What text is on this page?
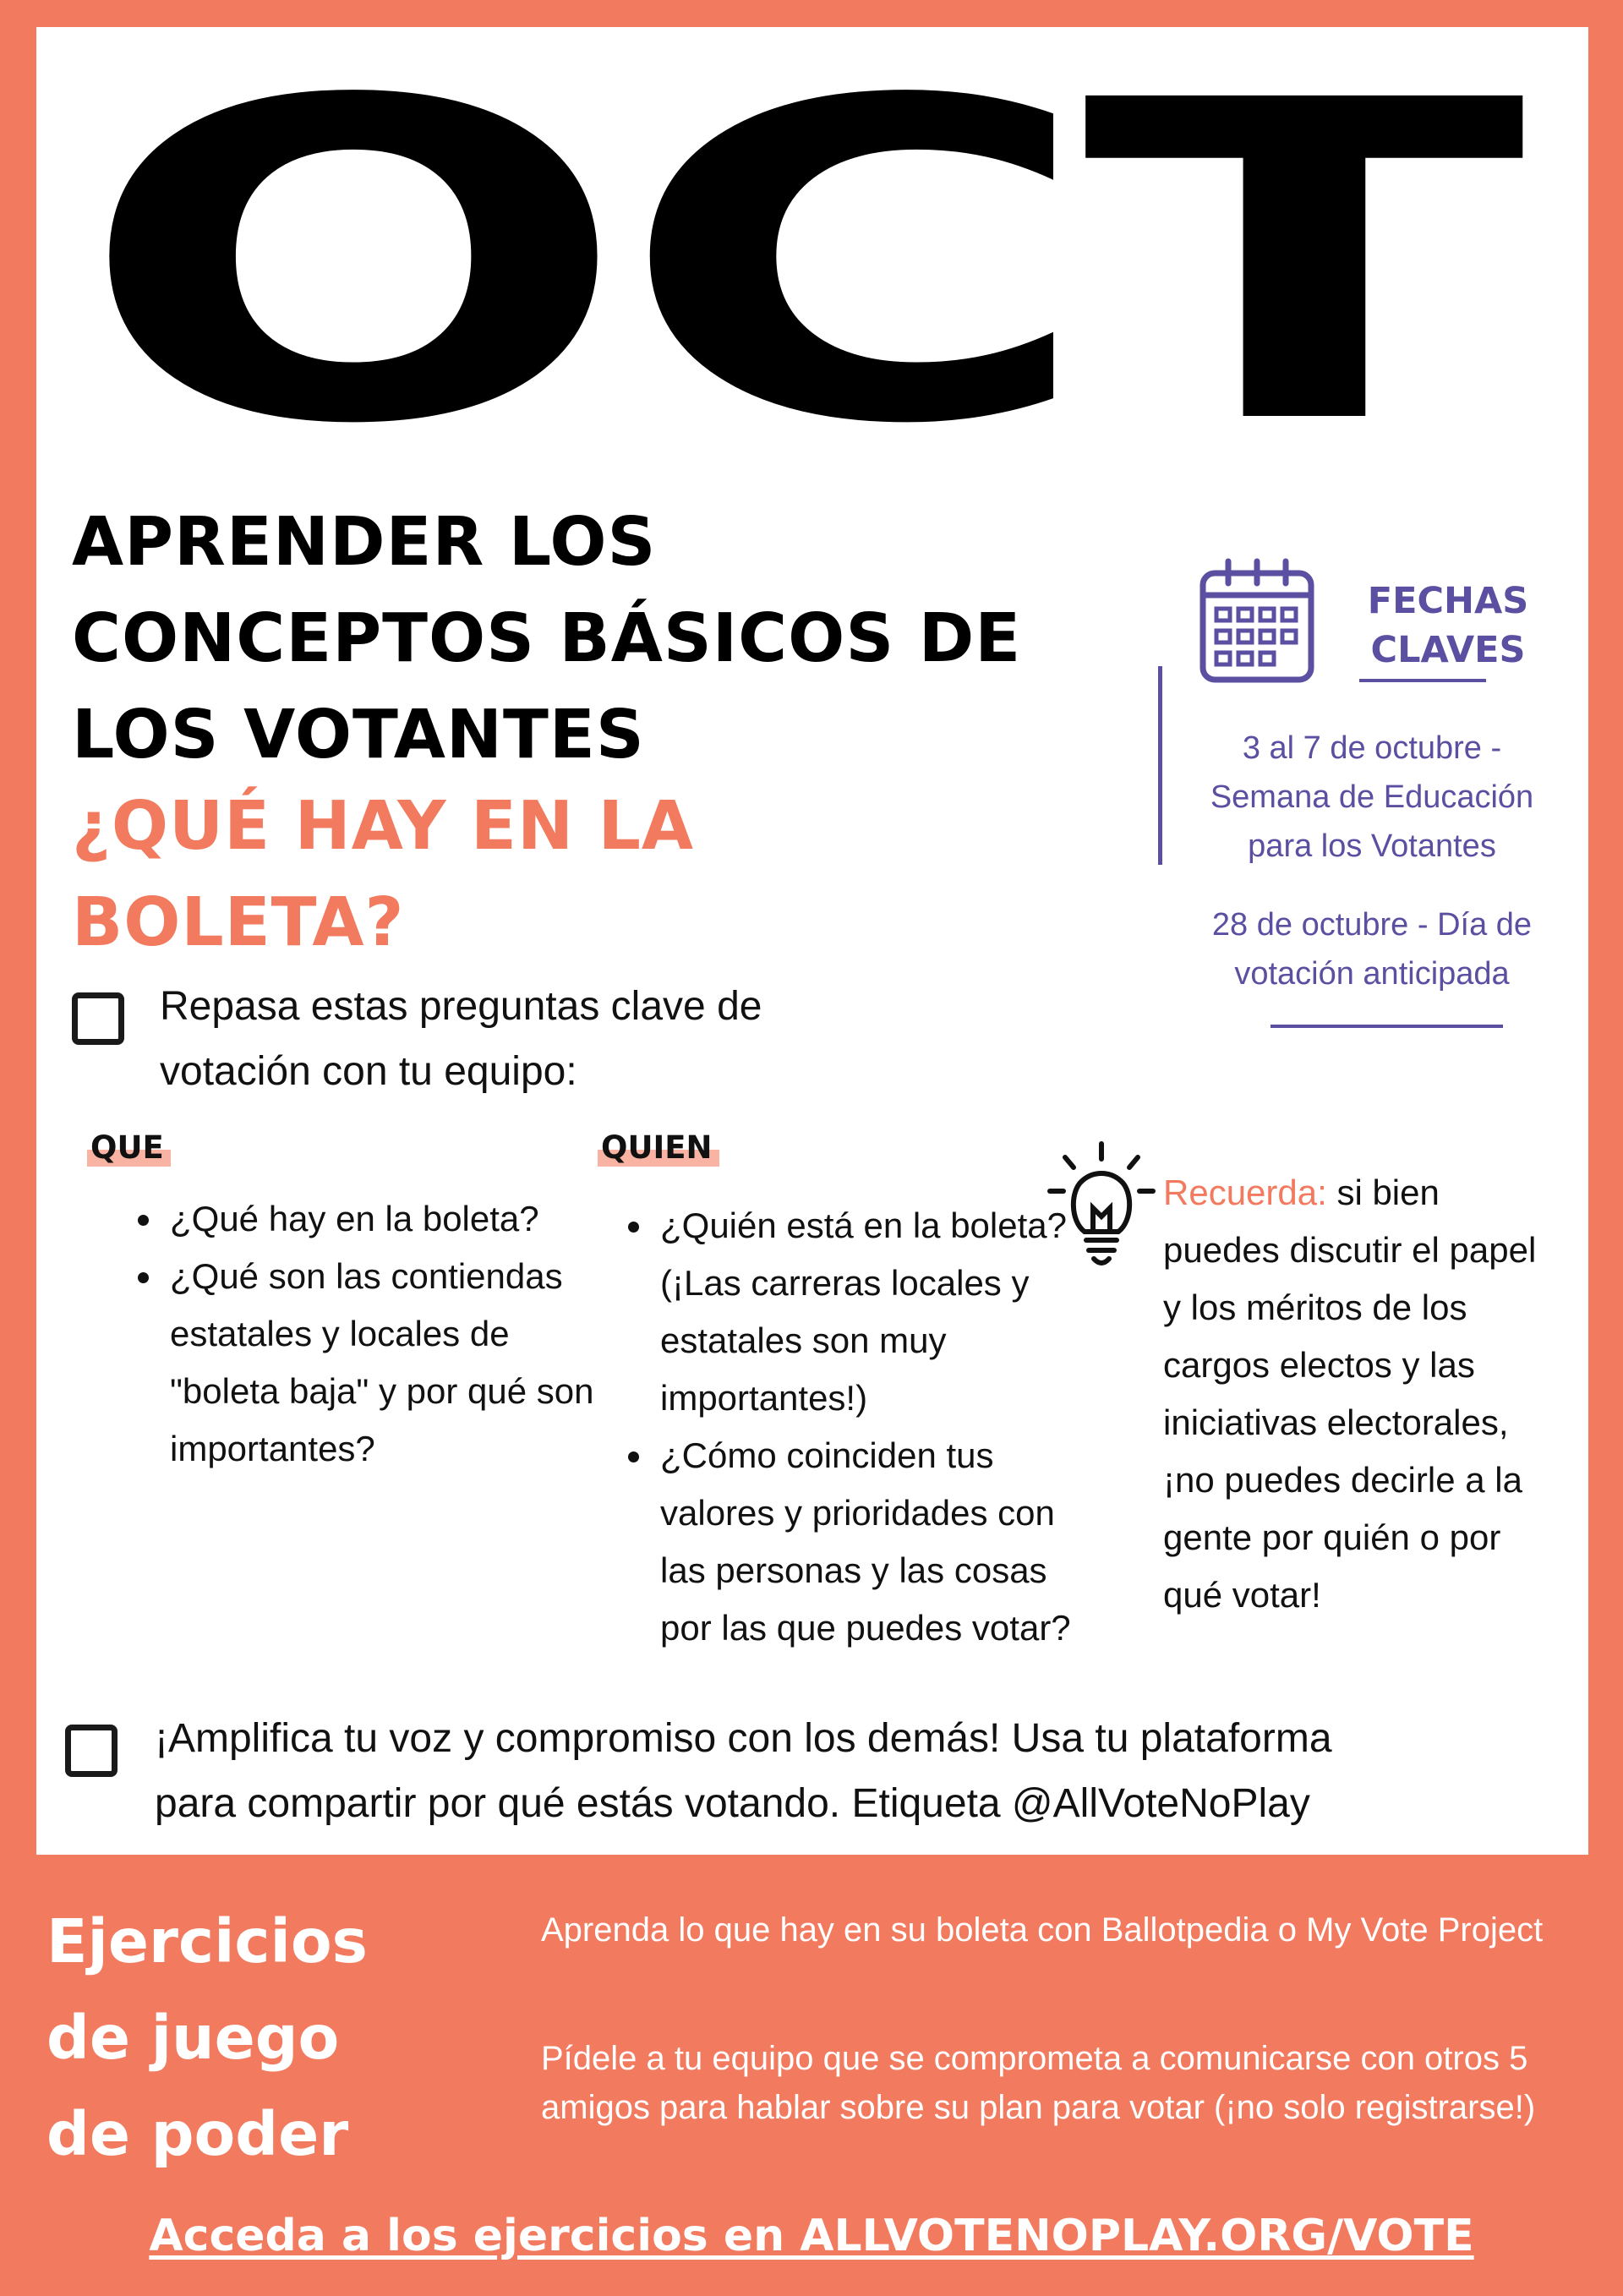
OCT
APRENDER LOS
CONCEPTOS BÁSICOS DE
LOS VOTANTES
¿QUÉ HAY EN LA
BOLETA?
FECHAS
CLAVES
3 al 7 de octubre -
Semana de Educación
para los Votantes
28 de octubre - Día de
votación anticipada
Repasa estas preguntas clave de
votación con tu equipo:
QUE
• ¿Qué hay en la boleta?
• ¿Qué son las contiendas estatales y locales de "boleta baja" y por qué son importantes?
QUIEN
• ¿Quién está en la boleta? (¡Las carreras locales y estatales son muy importantes!)
• ¿Cómo coinciden tus valores y prioridades con las personas y las cosas por las que puedes votar?
Recuerda: si bien puedes discutir el papel y los méritos de los cargos electos y las iniciativas electorales, ¡no puedes decirle a la gente por quién o por qué votar!
¡Amplifica tu voz y compromiso con los demás! Usa tu plataforma
para compartir por qué estás votando. Etiqueta @AllVoteNoPlay
Ejercicios
de juego
de poder
Aprenda lo que hay en su boleta con Ballotpedia o My Vote Project
Pídele a tu equipo que se comprometa a comunicarse con otros 5 amigos para hablar sobre su plan para votar (¡no solo registrarse!)
Acceda a los ejercicios en ALLVOTENOPLAY.ORG/VOTE
